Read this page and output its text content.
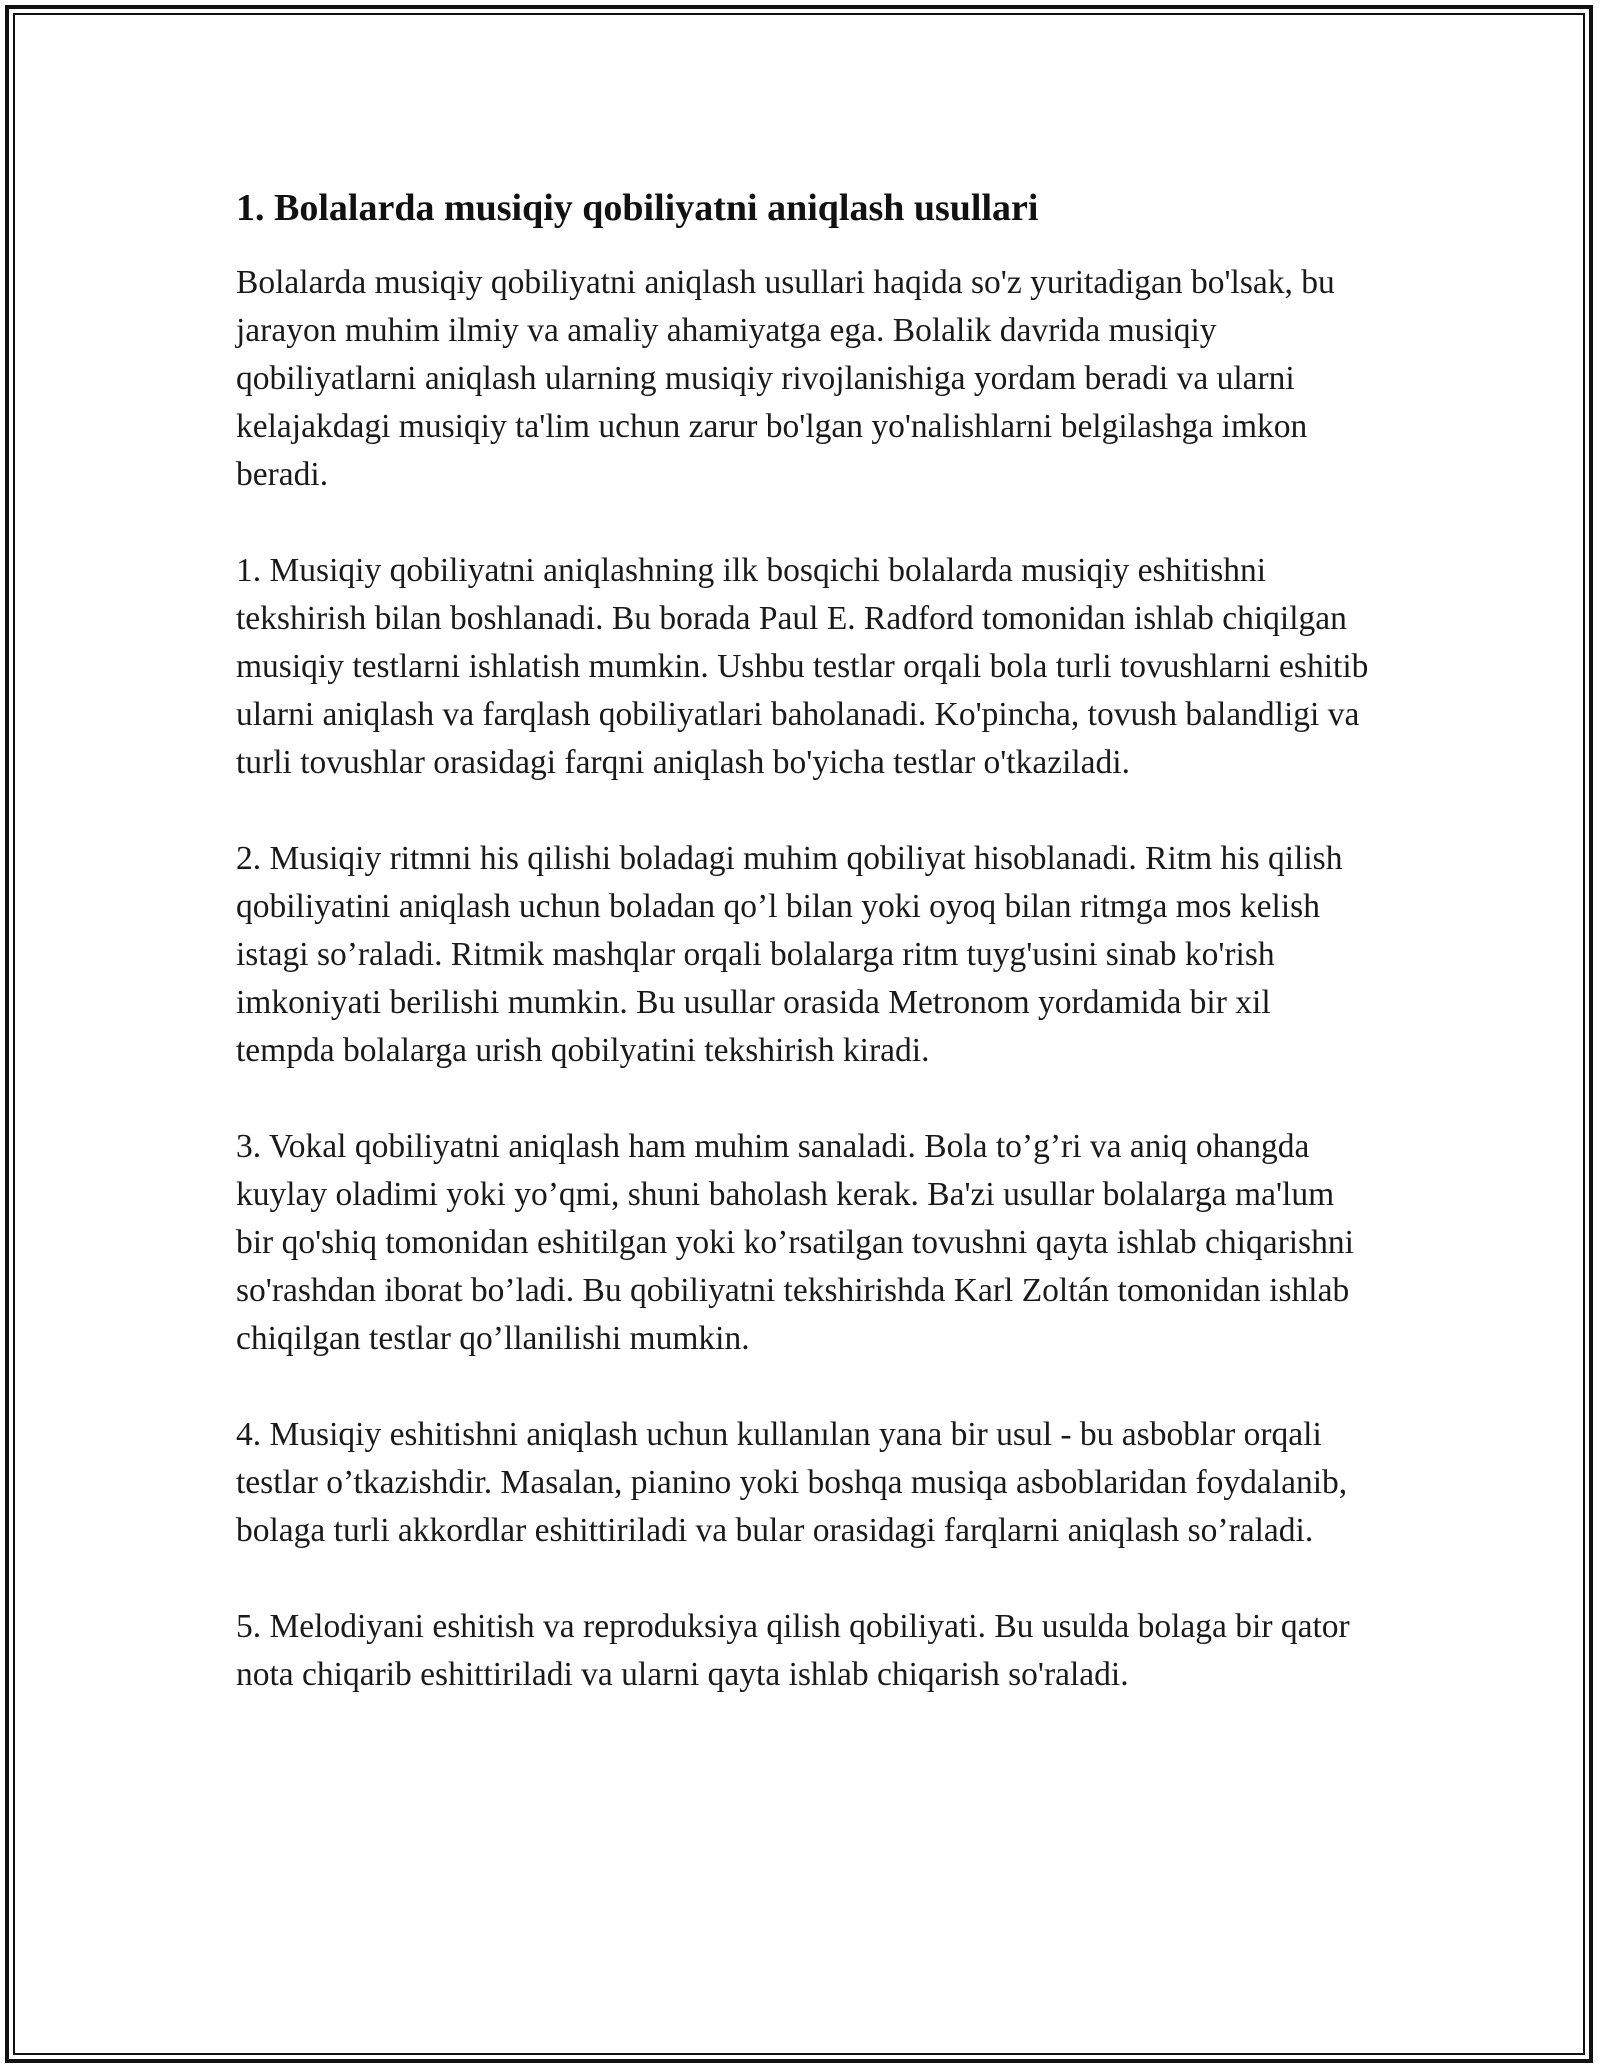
1. Bolalarda musiqiy qobiliyatni aniqlash usullari

Bolalarda musiqiy qobiliyatni aniqlash usullari haqida so'z yuritadigan bo'lsak, bu jarayon muhim ilmiy va amaliy ahamiyatga ega. Bolalik davrida musiqiy qobiliyatlarni aniqlash ularning musiqiy rivojlanishiga yordam beradi va ularni kelajakdagi musiqiy ta'lim uchun zarur bo'lgan yo'nalishlarni belgilashga imkon beradi.

1. Musiqiy qobiliyatni aniqlashning ilk bosqichi bolalarda musiqiy eshitishni tekshirish bilan boshlanadi. Bu borada Paul E. Radford tomonidan ishlab chiqilgan musiqiy testlarni ishlatish mumkin. Ushbu testlar orqali bola turli tovushlarni eshitib ularni aniqlash va farqlash qobiliyatlari baholanadi. Ko'pincha, tovush balandligi va turli tovushlar orasidagi farqni aniqlash bo'yicha testlar o'tkaziladi.

2. Musiqiy ritmni his qilishi boladagi muhim qobiliyat hisoblanadi. Ritm his qilish qobiliyatini aniqlash uchun boladan qo’l bilan yoki oyoq bilan ritmga mos kelish istagi so’raladi. Ritmik mashqlar orqali bolalarga ritm tuyg'usini sinab ko'rish imkoniyati berilishi mumkin. Bu usullar orasida Metronom yordamida bir xil tempda bolalarga urish qobilyatini tekshirish kiradi.

3. Vokal qobiliyatni aniqlash ham muhim sanaladi. Bola to’g’ri va aniq ohangda kuylay oladimi yoki yo’qmi, shuni baholash kerak. Ba'zi usullar bolalarga ma'lum bir qo'shiq tomonidan eshitilgan yoki ko’rsatilgan tovushni qayta ishlab chiqarishni so'rashdan iborat bo’ladi. Bu qobiliyatni tekshirishda Karl Zoltán tomonidan ishlab chiqilgan testlar qo’llanilishi mumkin.

4. Musiqiy eshitishni aniqlash uchun kullanılan yana bir usul - bu asboblar orqali testlar o’tkazishdir. Masalan, pianino yoki boshqa musiqa asboblaridan foydalanib, bolaga turli akkordlar eshittiriladi va bular orasidagi farqlarni aniqlash so’raladi.

5. Melodiyani eshitish va reproduksiya qilish qobiliyati. Bu usulda bolaga bir qator nota chiqarib eshittiriladi va ularni qayta ishlab chiqarish so'raladi.
